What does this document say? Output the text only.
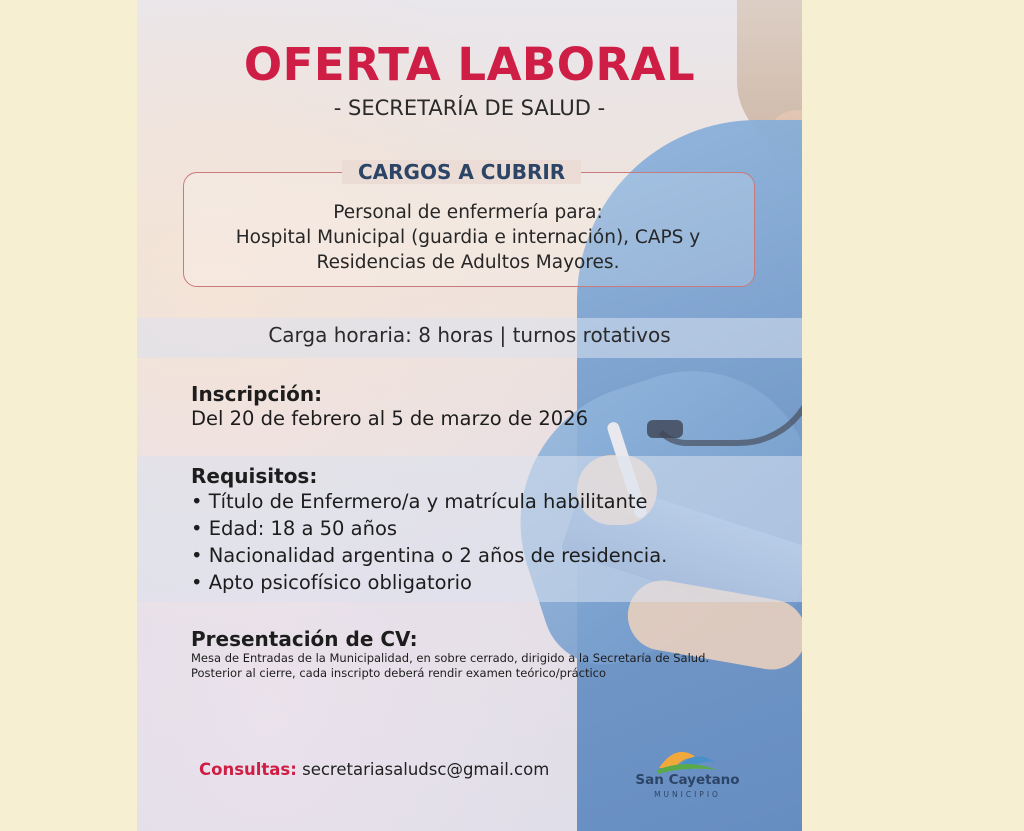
OFERTA LABORAL
- SECRETARÍA DE SALUD -
CARGOS A CUBRIR
Personal de enfermería para:
Hospital Municipal (guardia e internación), CAPS y
Residencias de Adultos Mayores.
Carga horaria: 8 horas | turnos rotativos
Inscripción:
Del 20 de febrero al 5 de marzo de 2026
Requisitos:
• Título de Enfermero/a y matrícula habilitante
• Edad: 18 a 50 años
• Nacionalidad argentina o 2 años de residencia.
• Apto psicofísico obligatorio
Presentación de CV:
Mesa de Entradas de la Municipalidad, en sobre cerrado, dirigido a la Secretaría de Salud.
Posterior al cierre, cada inscripto deberá rendir examen teórico/práctico
Consultas: secretariasaludsc@gmail.com
San Cayetano
MUNICIPIO
